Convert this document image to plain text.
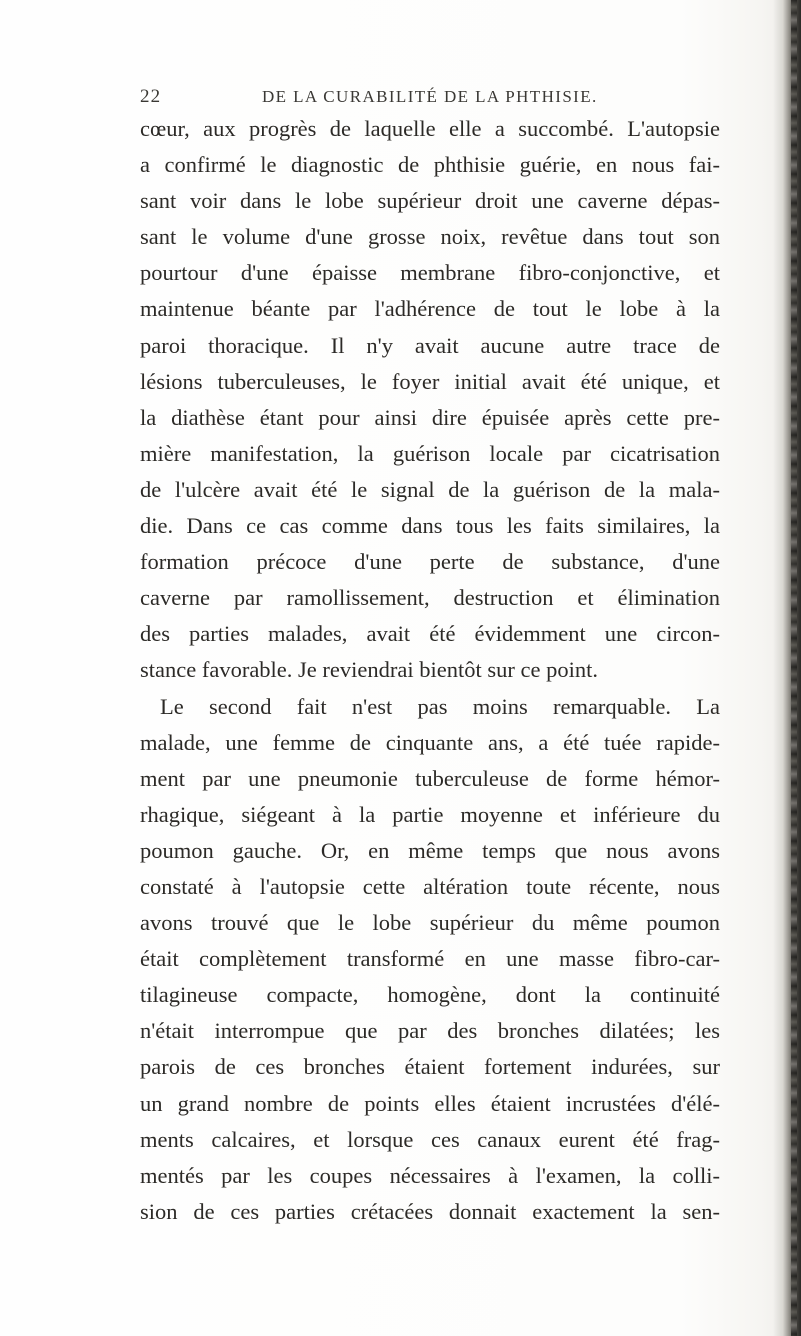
22	DE LA CURABILITÉ DE LA PHTHISIE.
cœur, aux progrès de laquelle elle a succombé. L'autopsie
a confirmé le diagnostic de phthisie guérie, en nous fai-
sant voir dans le lobe supérieur droit une caverne dépas-
sant le volume d'une grosse noix, revêtue dans tout son
pourtour d'une épaisse membrane fibro-conjonctive, et
maintenue béante par l'adhérence de tout le lobe à la
paroi thoracique. Il n'y avait aucune autre trace de
lésions tuberculeuses, le foyer initial avait été unique, et
la diathèse étant pour ainsi dire épuisée après cette pre-
mière manifestation, la guérison locale par cicatrisation
de l'ulcère avait été le signal de la guérison de la mala-
die. Dans ce cas comme dans tous les faits similaires, la
formation précoce d'une perte de substance, d'une
caverne par ramollissement, destruction et élimination
des parties malades, avait été évidemment une circon-
stance favorable. Je reviendrai bientôt sur ce point.
Le second fait n'est pas moins remarquable. La
malade, une femme de cinquante ans, a été tuée rapide-
ment par une pneumonie tuberculeuse de forme hémor-
rhagique, siégeant à la partie moyenne et inférieure du
poumon gauche. Or, en même temps que nous avons
constaté à l'autopsie cette altération toute récente, nous
avons trouvé que le lobe supérieur du même poumon
était complètement transformé en une masse fibro-car-
tilagineuse compacte, homogène, dont la continuité
n'était interrompue que par des bronches dilatées; les
parois de ces bronches étaient fortement indurées, sur
un grand nombre de points elles étaient incrustées d'élé-
ments calcaires, et lorsque ces canaux eurent été frag-
mentés par les coupes nécessaires à l'examen, la colli-
sion de ces parties crétacées donnait exactement la sen-
